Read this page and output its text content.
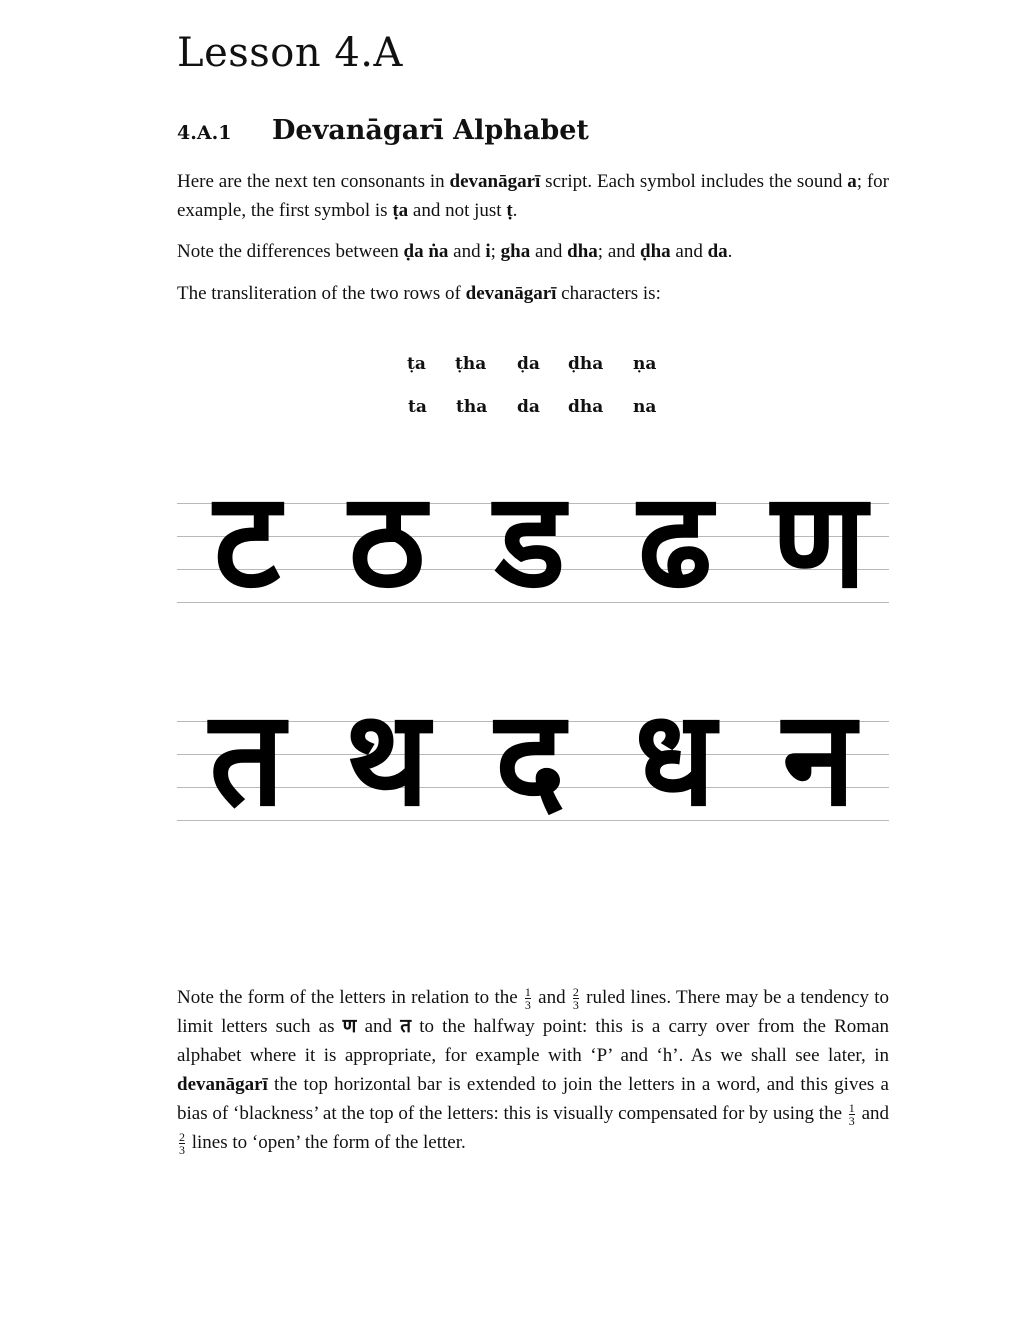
Lesson 4.A
4.A.1 Devanāgarī Alphabet

Here are the next ten consonants in devanāgarī script. Each symbol includes the sound a; for example, the first symbol is ṭa and not just ṭ.

Note the differences between ḍa ṅa and i; gha and dha; and ḍha and da.

The transliteration of the two rows of devanāgarī characters is:

ṭa ṭha ḍa ḍha ṇa
ta tha da dha na
ट ठ ड ढ ण
त थ द ध न

Note the form of the letters in relation to the $\frac{1}{3}$ and $\frac{2}{3}$ ruled lines. There may be a tendency to limit letters such as ण and त to the halfway point: this is a carry over from the Roman alphabet where it is appropriate, for example with ‘P’ and ‘h’. As we shall see later, in devanāgarī the top horizontal bar is extended to join the letters in a word, and this gives a bias of ‘blackness’ at the top of the letters: this is visually compensated for by using the $\frac{1}{3}$ and
$\frac{2}{3}$ lines to ‘open’ the form of the letter.
